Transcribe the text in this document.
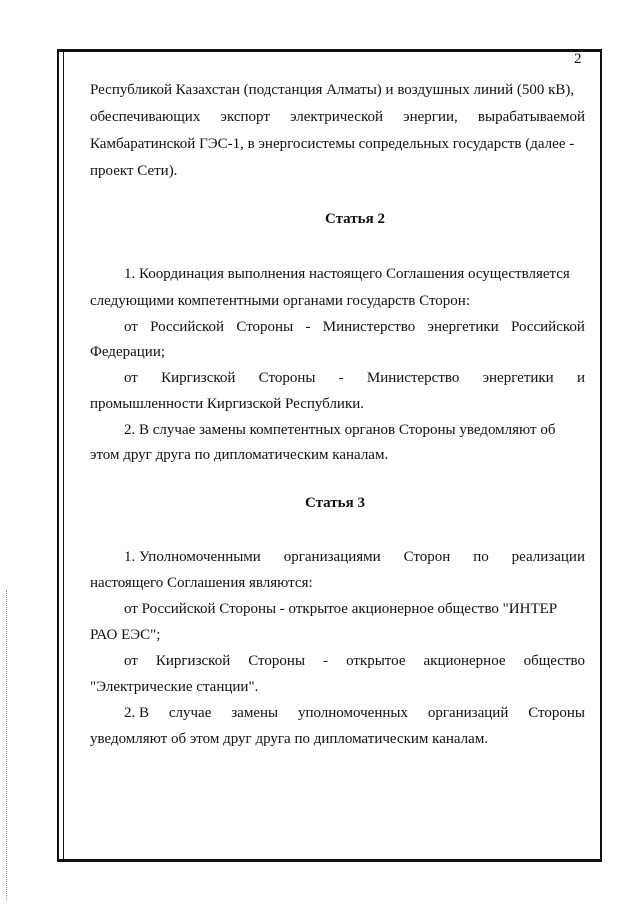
2
Республикой Казахстан (подстанция Алматы) и воздушных линий (500 кВ),
обеспечивающих экспорт электрической энергии, вырабатываемой
Камбаратинской ГЭС-1, в энергосистемы сопредельных государств (далее -
проект Сети).
Статья 2
1. Координация выполнения настоящего Соглашения осуществляется
следующими компетентными органами государств Сторон:
от Российской Стороны - Министерство энергетики Российской
Федерации;
от Киргизской Стороны - Министерство энергетики и
промышленности Киргизской Республики.
2. В случае замены компетентных органов Стороны уведомляют об
этом друг друга по дипломатическим каналам.
Статья 3
1. Уполномоченными организациями Сторон по реализации
настоящего Соглашения являются:
от Российской Стороны - открытое акционерное общество "ИНТЕР
РАО ЕЭС";
от Киргизской Стороны - открытое акционерное общество
"Электрические станции".
2. В случае замены уполномоченных организаций Стороны
уведомляют об этом друг друга по дипломатическим каналам.
